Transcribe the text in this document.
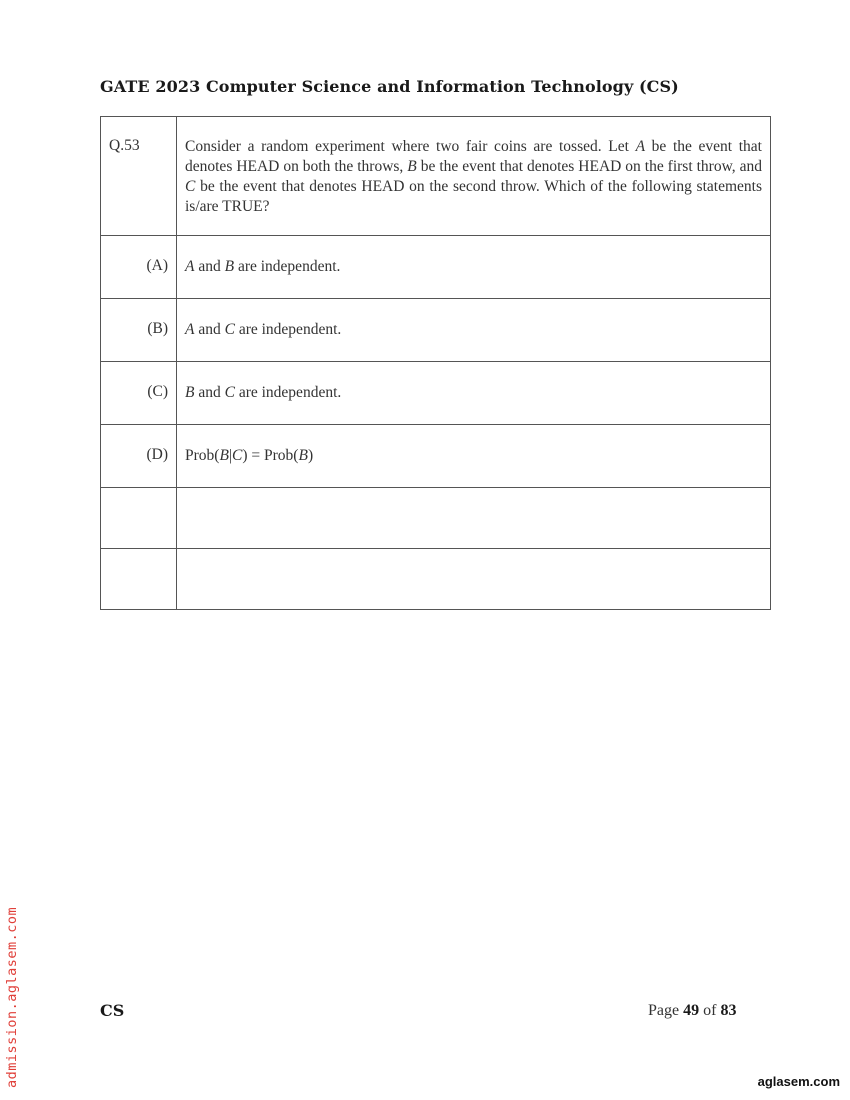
GATE 2023 Computer Science and Information Technology (CS)
Q.53	Consider a random experiment where two fair coins are tossed. Let A be the event that denotes HEAD on both the throws, B be the event that denotes HEAD on the first throw, and C be the event that denotes HEAD on the second throw. Which of the following statements is/are TRUE?
(A)	A and B are independent.
(B)	A and C are independent.
(C)	B and C are independent.
(D)	Prob(B|C) = Prob(B)

CS	Page 49 of 83
admission.aglasem.com	aglasem.com
